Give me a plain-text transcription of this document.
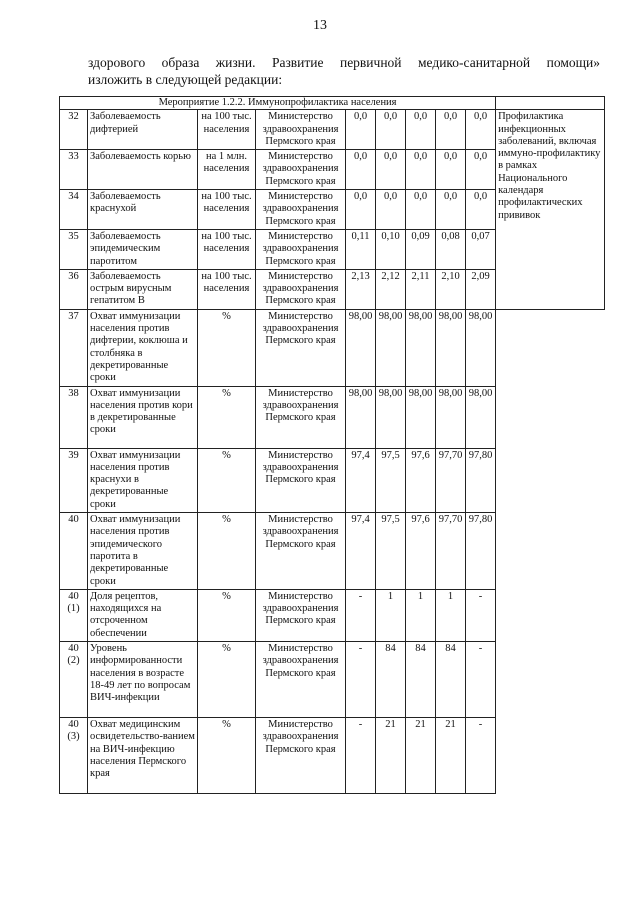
13
здорового образа жизни. Развитие первичной медико-санитарной помощи»
изложить в следующей редакции:
Мероприятие 1.2.2. Иммунопрофилактика населения									
32	Заболеваемость дифтерией	на 100 тыс. населения	Министерство здравоохранения Пермского края	0,0	0,0	0,0	0,0	0,0	Профилактика инфекционных заболеваний, включая иммуно-профилактику в рамках Национального календаря профилактических прививок
33	Заболеваемость корью	на 1 млн. населения	Министерство здравоохранения Пермского края	0,0	0,0	0,0	0,0	0,0	
34	Заболеваемость краснухой	на 100 тыс. населения	Министерство здравоохранения Пермского края	0,0	0,0	0,0	0,0	0,0	
35	Заболеваемость эпидемическим паротитом	на 100 тыс. населения	Министерство здравоохранения Пермского края	0,11	0,10	0,09	0,08	0,07	
36	Заболеваемость острым вирусным гепатитом В	на 100 тыс. населения	Министерство здравоохранения Пермского края	2,13	2,12	2,11	2,10	2,09	
37	Охват иммунизации населения против дифтерии, коклюша и столбняка в декретированные сроки	%	Министерство здравоохранения Пермского края	98,00	98,00	98,00	98,00	98,00	
38	Охват иммунизации населения против кори в декретированные сроки	%	Министерство здравоохранения Пермского края	98,00	98,00	98,00	98,00	98,00	
39	Охват иммунизации населения против краснухи в декретированные сроки	%	Министерство здравоохранения Пермского края	97,4	97,5	97,6	97,70	97,80	
40	Охват иммунизации населения против эпидемического паротита в декретированные сроки	%	Министерство здравоохранения Пермского края	97,4	97,5	97,6	97,70	97,80	
40 (1)	Доля рецептов, находящихся на отсроченном обеспечении	%	Министерство здравоохранения Пермского края	-	1	1	1	-	
40 (2)	Уровень информированности населения в возрасте 18-49 лет по вопросам ВИЧ-инфекции	%	Министерство здравоохранения Пермского края	-	84	84	84	-	
40 (3)	Охват медицинским освидетельство-ванием на ВИЧ-инфекцию населения Пермского края	%	Министерство здравоохранения Пермского края	-	21	21	21	-	
